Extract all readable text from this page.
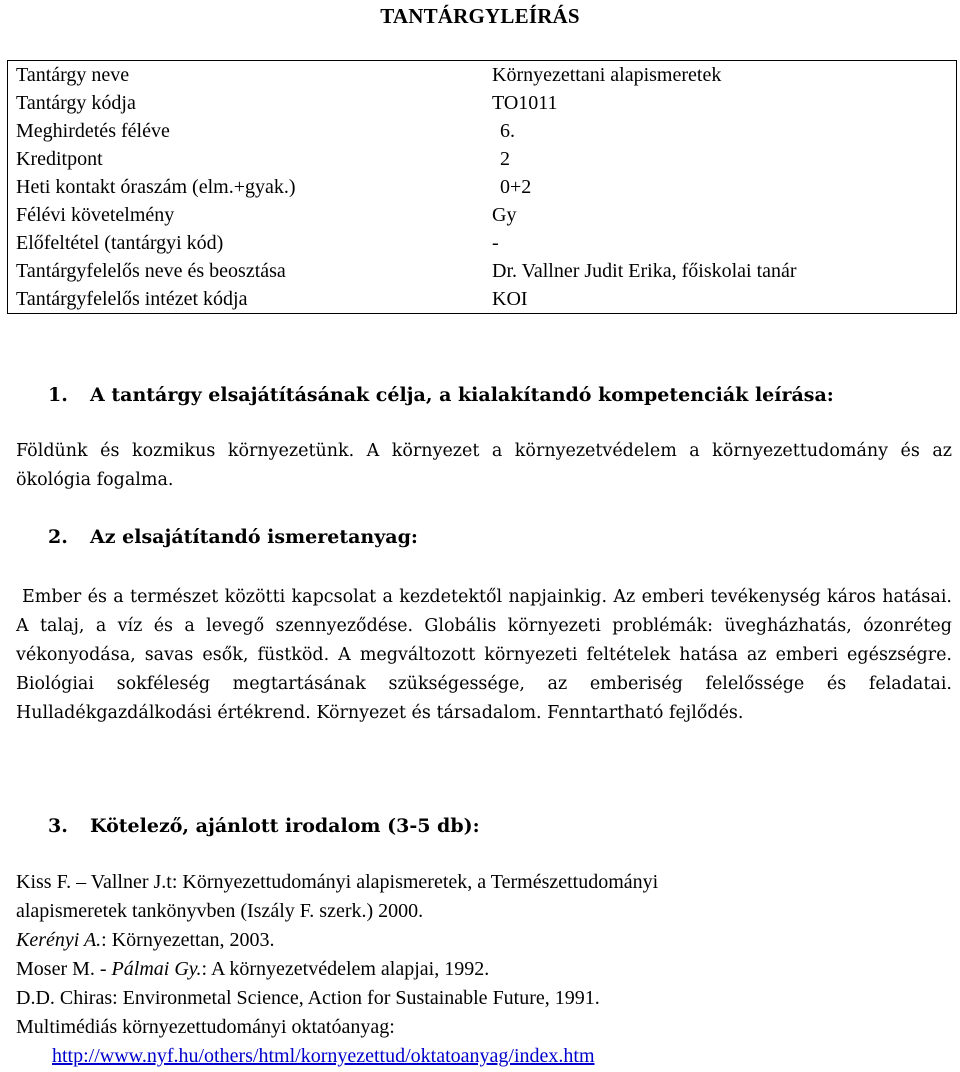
TANTÁRGYLEÍRÁS
Tantárgy neve	Környezettani alapismeretek
Tantárgy kódja	TO1011
Meghirdetés féléve	6.
Kreditpont	2
Heti kontakt óraszám (elm.+gyak.)	0+2
Félévi követelmény	Gy
Előfeltétel (tantárgyi kód)	-
Tantárgyfelelős neve és beosztása	Dr. Vallner Judit Erika, főiskolai tanár
Tantárgyfelelős intézet kódja	KOI
1. A tantárgy elsajátításának célja, a kialakítandó kompetenciák leírása:
Földünk és kozmikus környezetünk. A környezet a környezetvédelem a környezettudomány és az ökológia fogalma.
2. Az elsajátítandó ismeretanyag:
Ember és a természet közötti kapcsolat a kezdetektől napjainkig. Az emberi tevékenység káros hatásai. A talaj, a víz és a levegő szennyeződése. Globális környezeti problémák: üvegházhatás, ózonréteg vékonyodása, savas esők, füstköd. A megváltozott környezeti feltételek hatása az emberi egészségre. Biológiai sokféleség megtartásának szükségessége, az emberiség felelőssége és feladatai. Hulladékgazdálkodási értékrend. Környezet és társadalom. Fenntartható fejlődés.
3. Kötelező, ajánlott irodalom (3-5 db):
Kiss F. – Vallner J.t: Környezettudományi alapismeretek, a Természettudományi
alapismeretek tankönyvben (Iszály F. szerk.) 2000.
Kerényi A.: Környezettan, 2003.
Moser M. - Pálmai Gy.: A környezetvédelem alapjai, 1992.
D.D. Chiras: Environmetal Science, Action for Sustainable Future, 1991.
Multimédiás környezettudományi oktatóanyag:
http://www.nyf.hu/others/html/kornyezettud/oktatoanyag/index.htm
